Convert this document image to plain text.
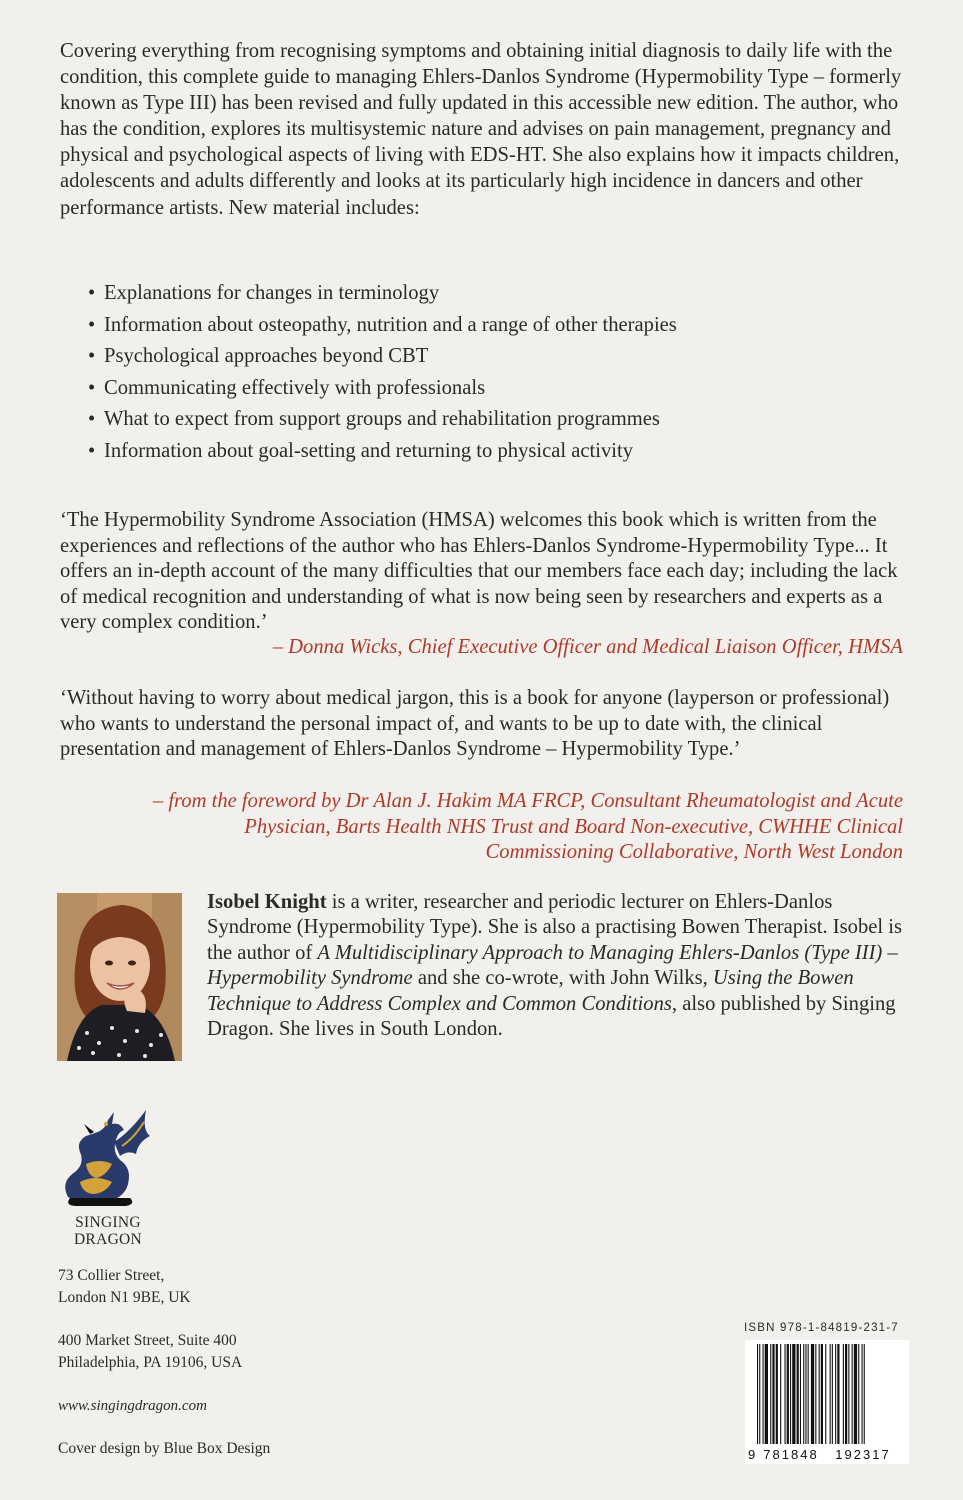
Covering everything from recognising symptoms and obtaining initial diagnosis to daily life with the condition, this complete guide to managing Ehlers-Danlos Syndrome (Hypermobility Type – formerly known as Type III) has been revised and fully updated in this accessible new edition. The author, who has the condition, explores its multisystemic nature and advises on pain management, pregnancy and physical and psychological aspects of living with EDS-HT. She also explains how it impacts children, adolescents and adults differently and looks at its particularly high incidence in dancers and other performance artists. New material includes:

• Explanations for changes in terminology
• Information about osteopathy, nutrition and a range of other therapies
• Psychological approaches beyond CBT
• Communicating effectively with professionals
• What to expect from support groups and rehabilitation programmes
• Information about goal-setting and returning to physical activity

‘The Hypermobility Syndrome Association (HMSA) welcomes this book which is written from the experiences and reflections of the author who has Ehlers-Danlos Syndrome-Hypermobility Type... It offers an in-depth account of the many difficulties that our members face each day; including the lack of medical recognition and understanding of what is now being seen by researchers and experts as a very complex condition.’

– Donna Wicks, Chief Executive Officer and Medical Liaison Officer, HMSA

‘Without having to worry about medical jargon, this is a book for anyone (layperson or professional) who wants to understand the personal impact of, and wants to be up to date with, the clinical presentation and management of Ehlers-Danlos Syndrome – Hypermobility Type.’

– from the foreword by Dr Alan J. Hakim MA FRCP, Consultant Rheumatologist and Acute Physician, Barts Health NHS Trust and Board Non-executive, CWHHE Clinical Commissioning Collaborative, North West London

Isobel Knight is a writer, researcher and periodic lecturer on Ehlers-Danlos Syndrome (Hypermobility Type). She is also a practising Bowen Therapist. Isobel is the author of A Multidisciplinary Approach to Managing Ehlers-Danlos (Type III) – Hypermobility Syndrome and she co-wrote, with John Wilks, Using the Bowen Technique to Address Complex and Common Conditions, also published by Singing Dragon. She lives in South London.

SINGING
DRAGON

73 Collier Street,
London N1 9BE, UK

400 Market Street, Suite 400
Philadelphia, PA 19106, USA

www.singingdragon.com

Cover design by Blue Box Design

ISBN 978-1-84819-231-7

9 781848 192317
